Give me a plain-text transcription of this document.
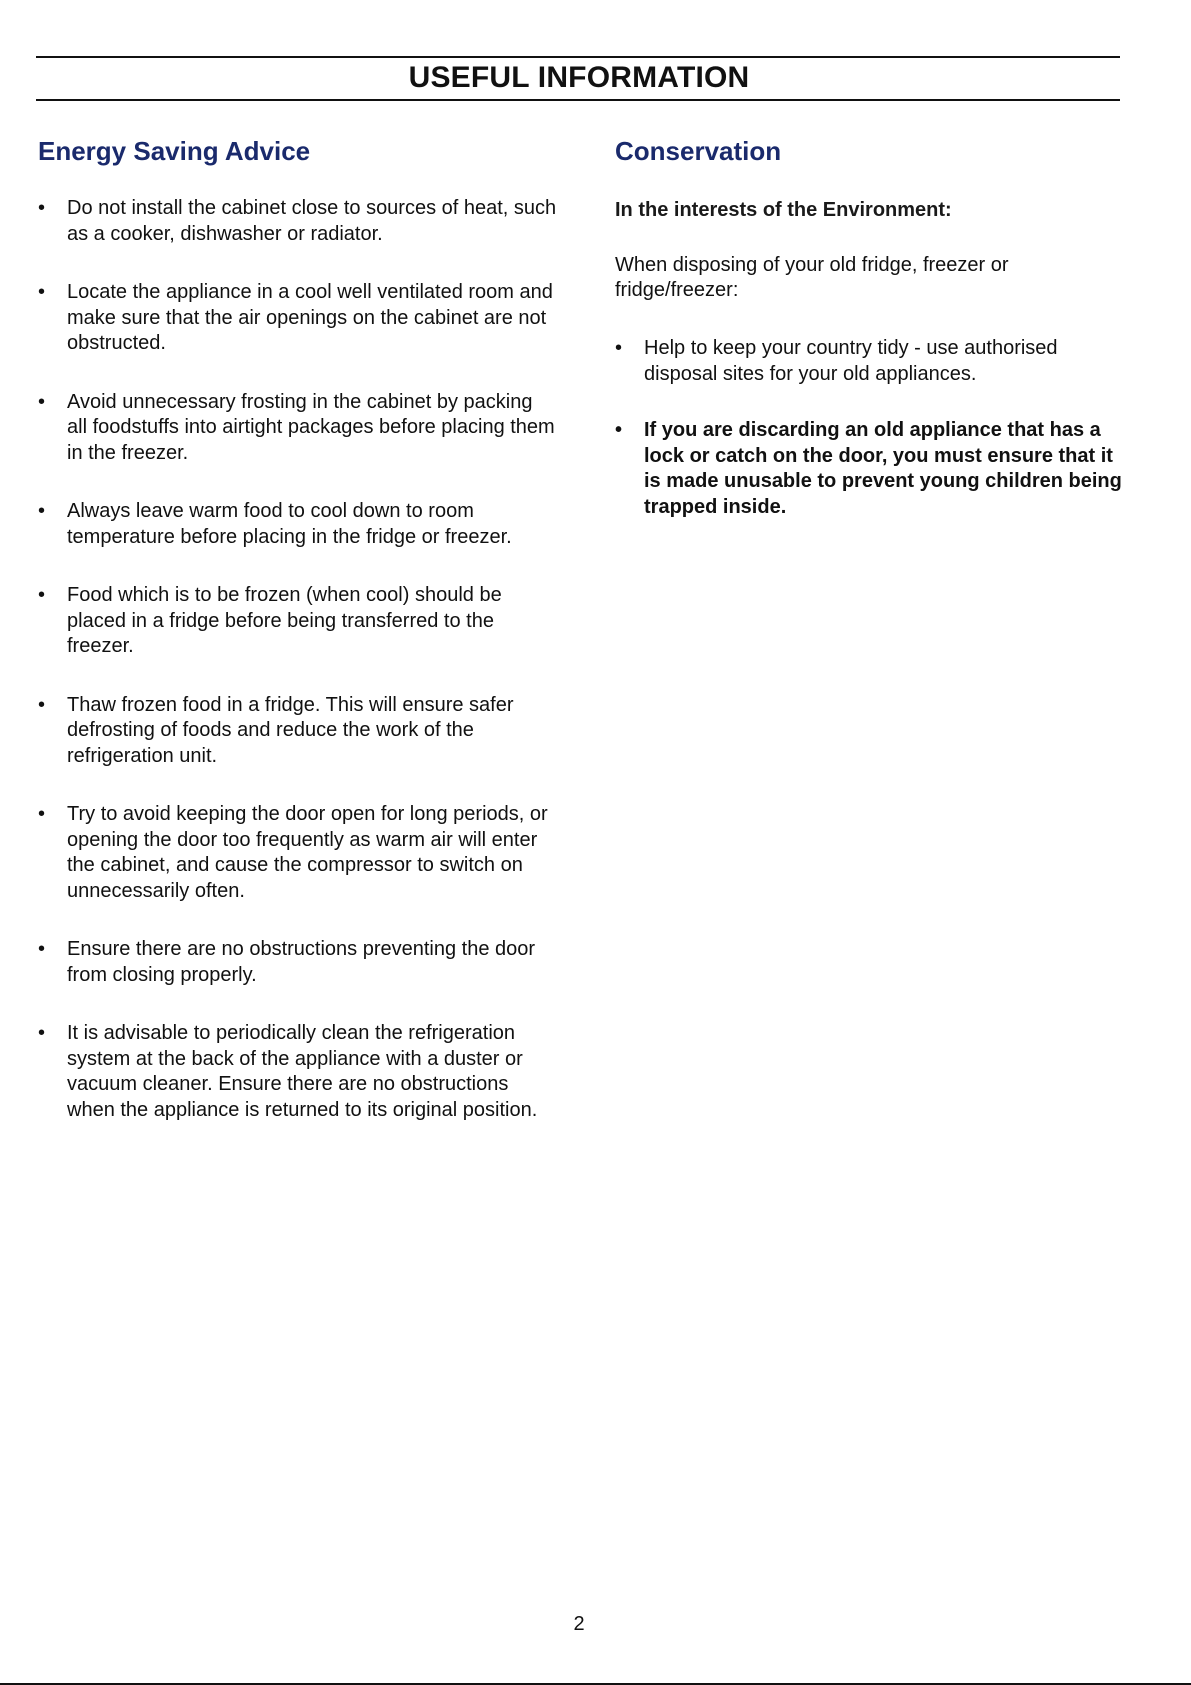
USEFUL INFORMATION
Energy Saving Advice
•	Do not install the cabinet close to sources of heat, such as a cooker, dishwasher or radiator.
•	Locate the appliance in a cool well ventilated room and make sure that the air openings on the cabinet are not obstructed.
•	Avoid unnecessary frosting in the cabinet by packing all foodstuffs into airtight packages before placing them in the freezer.
•	Always leave warm food to cool down to room temperature before placing in the fridge or freezer.
•	Food which is to be frozen (when cool) should be placed in a fridge before being transferred to the freezer.
•	Thaw frozen food in a fridge. This will ensure safer defrosting of foods and reduce the work of the refrigeration unit.
•	Try to avoid keeping the door open for long periods, or opening the door too frequently as warm air will enter the cabinet, and cause the compressor to switch on unnecessarily often.
•	Ensure there are no obstructions preventing the door from closing properly.
•	It is advisable to periodically clean the refrigeration system at the back of the appliance with a duster or vacuum cleaner. Ensure there are no obstructions when the appliance is returned to its original position.
Conservation
In the interests of the Environment:

When disposing of your old fridge, freezer or fridge/freezer:

•	Help to keep your country tidy - use authorised disposal sites for your old appliances.
•	If you are discarding an old appliance that has a lock or catch on the door, you must ensure that it is made unusable to prevent young children being trapped inside.
2
